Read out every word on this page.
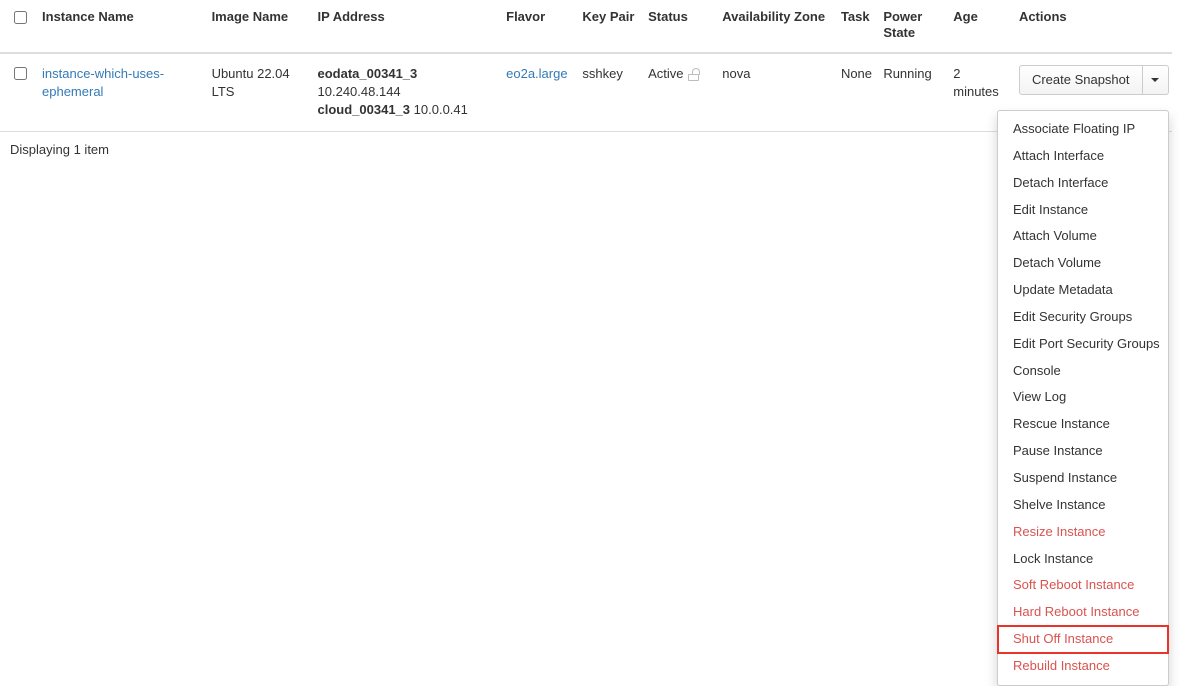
	Instance Name	Image Name	IP Address	Flavor	Key Pair	Status	Availability Zone	Task	Power State	Age	Actions
	instance-which-uses-ephemeral	Ubuntu 22.04 LTS	eodata_00341_3
10.240.48.144
cloud_00341_3 10.0.0.41	eo2a.large	sshkey	Active	nova	None	Running	2 minutes	Create Snapshot
Displaying 1 item
Associate Floating IP
Attach Interface
Detach Interface
Edit Instance
Attach Volume
Detach Volume
Update Metadata
Edit Security Groups
Edit Port Security Groups
Console
View Log
Rescue Instance
Pause Instance
Suspend Instance
Shelve Instance
Resize Instance
Lock Instance
Soft Reboot Instance
Hard Reboot Instance
Shut Off Instance
Rebuild Instance
